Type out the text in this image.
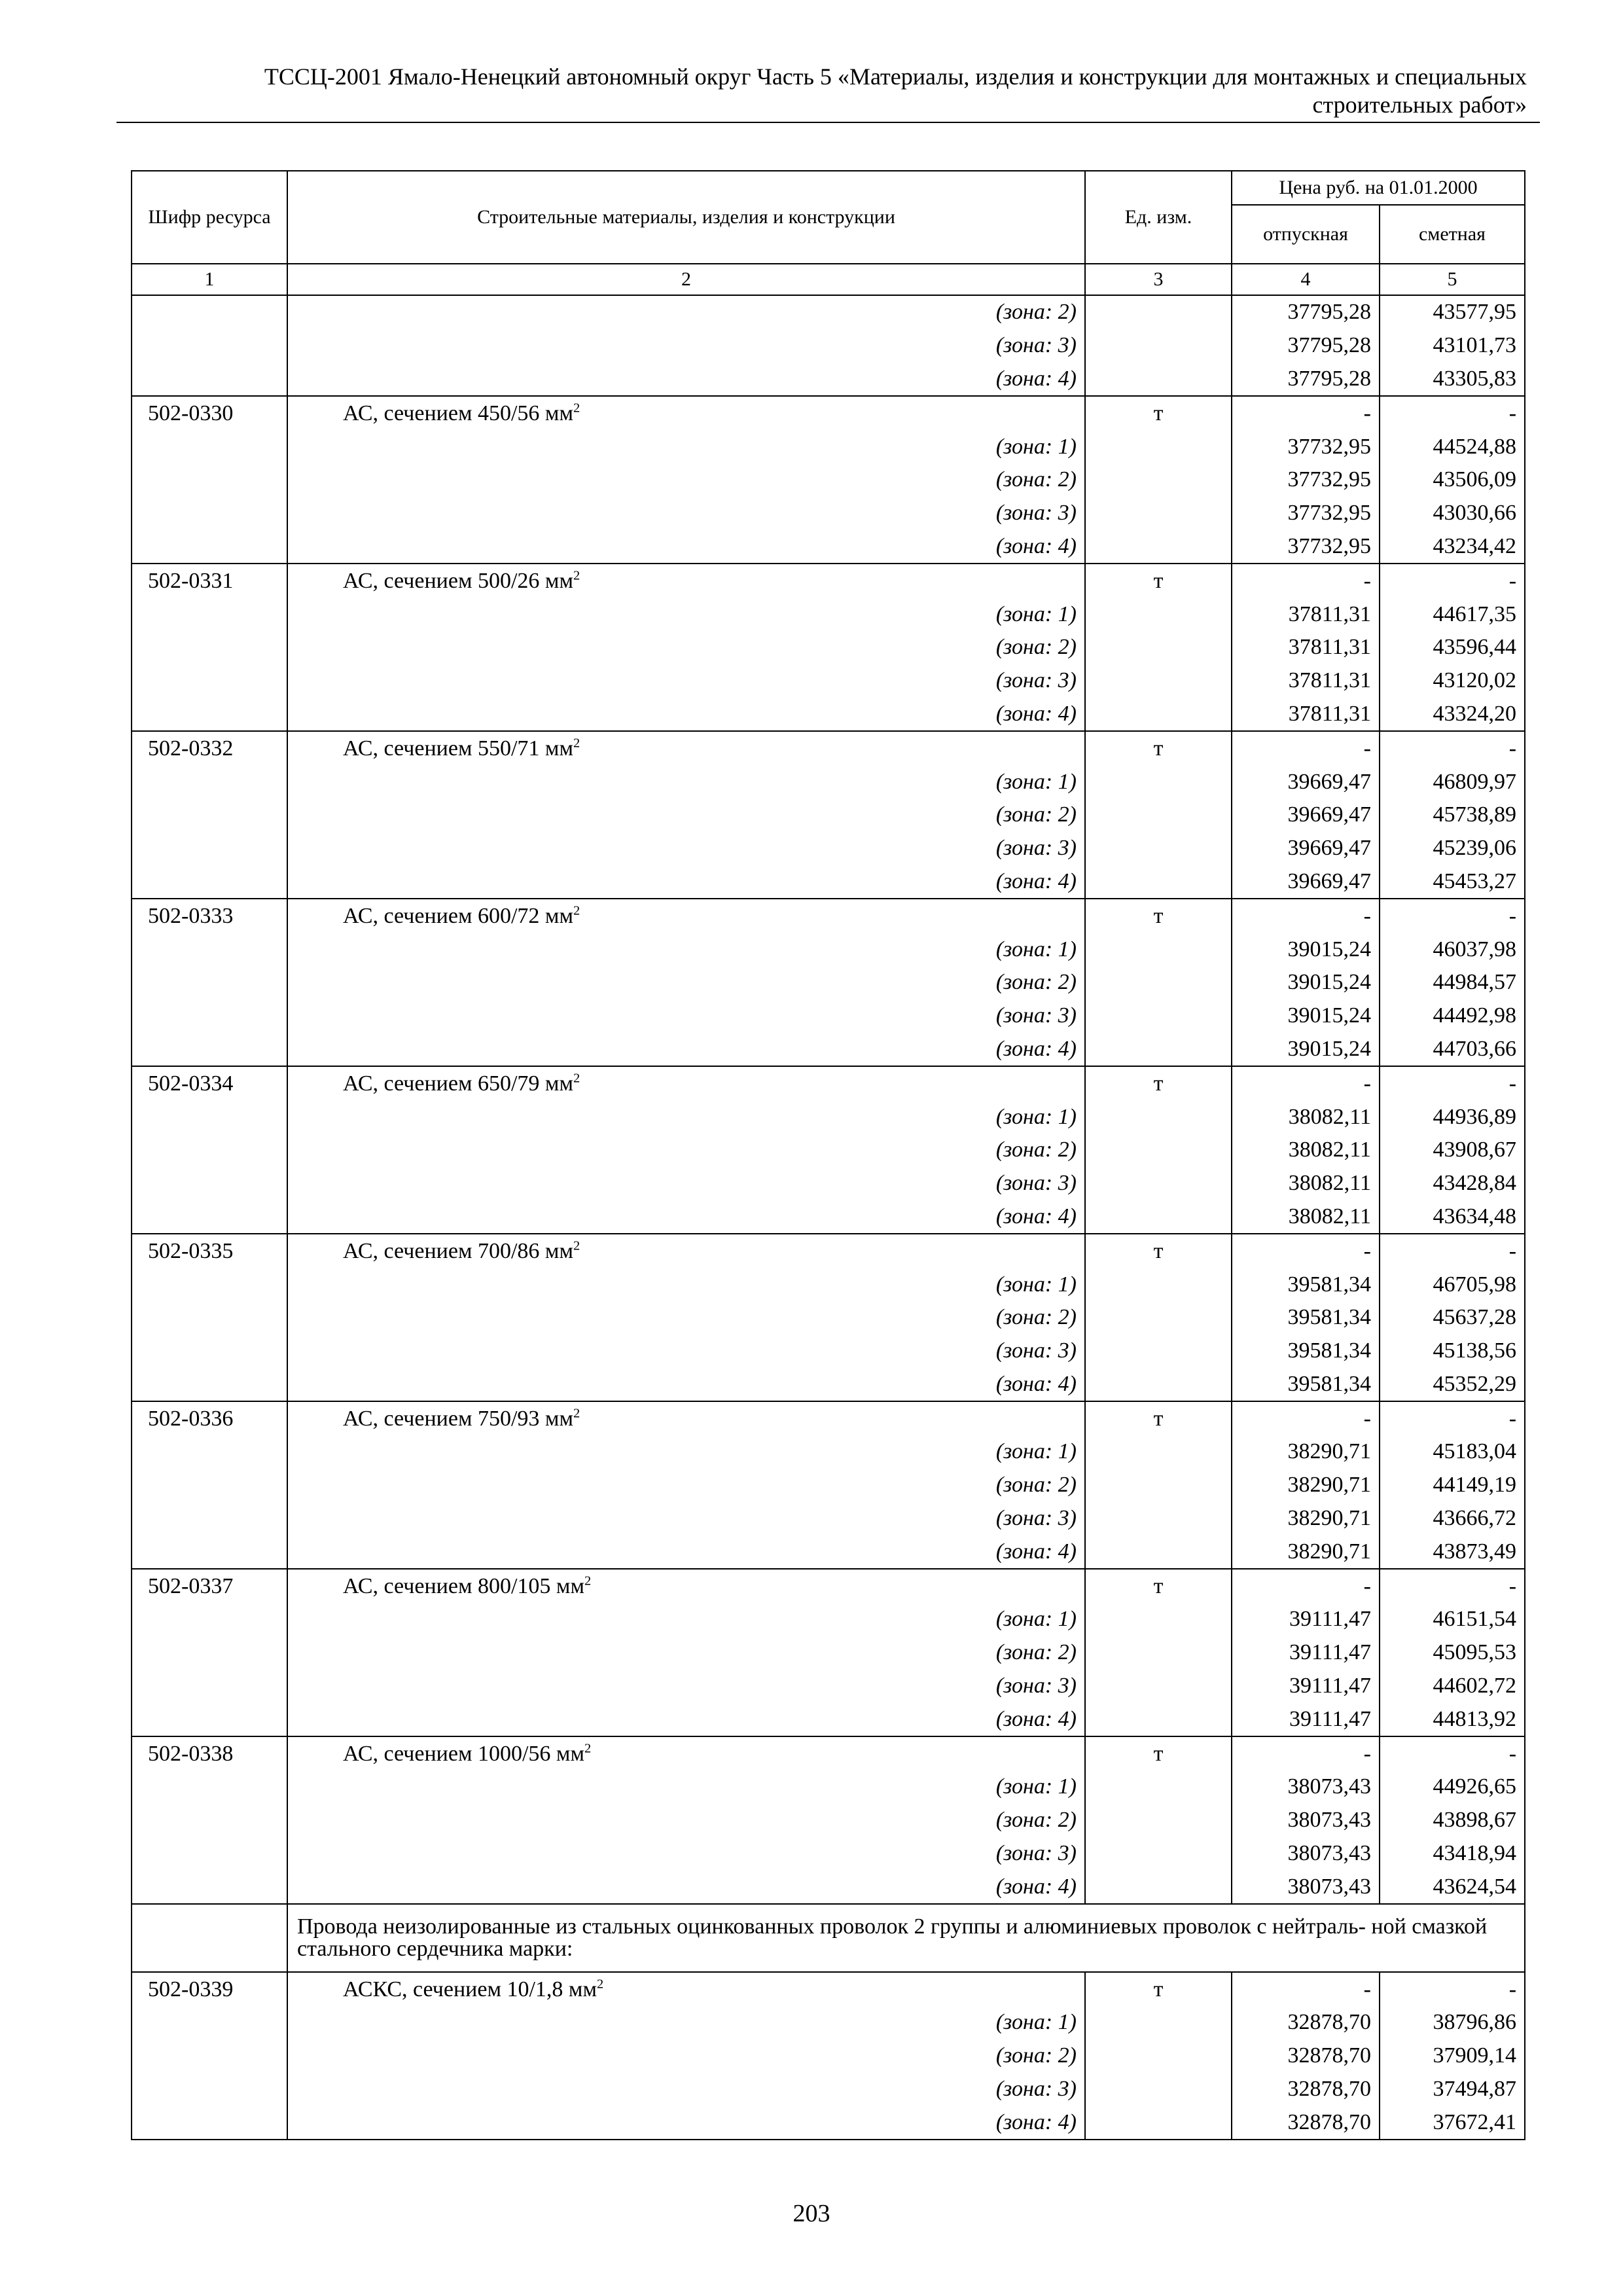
ТССЦ-2001 Ямало-Ненецкий автономный округ Часть 5 «Материалы, изделия и конструкции для монтажных и специальных
строительных работ»
Шифр ресурса	Строительные материалы, изделия и конструкции	Ед. изм.	Цена руб. на 01.01.2000	
			отпускная	сметная
1	2	3	4	5
	(зона: 2)		37795,28	43577,95
	(зона: 3)		37795,28	43101,73
	(зона: 4)		37795,28	43305,83
502-0330	АС, сечением 450/56 $мм^2$	т	-	-
	(зона: 1)		37732,95	44524,88
	(зона: 2)		37732,95	43506,09
	(зона: 3)		37732,95	43030,66
	(зона: 4)		37732,95	43234,42
502-0331	АС, сечением 500/26 $мм^2$	т	-	-
	(зона: 1)		37811,31	44617,35
	(зона: 2)		37811,31	43596,44
	(зона: 3)		37811,31	43120,02
	(зона: 4)		37811,31	43324,20
502-0332	АС, сечением 550/71 $мм^2$	т	-	-
	(зона: 1)		39669,47	46809,97
	(зона: 2)		39669,47	45738,89
	(зона: 3)		39669,47	45239,06
	(зона: 4)		39669,47	45453,27
502-0333	АС, сечением 600/72 $мм^2$	т	-	-
	(зона: 1)		39015,24	46037,98
	(зона: 2)		39015,24	44984,57
	(зона: 3)		39015,24	44492,98
	(зона: 4)		39015,24	44703,66
502-0334	АС, сечением 650/79 $мм^2$	т	-	-
	(зона: 1)		38082,11	44936,89
	(зона: 2)		38082,11	43908,67
	(зона: 3)		38082,11	43428,84
	(зона: 4)		38082,11	43634,48
502-0335	АС, сечением 700/86 $мм^2$	т	-	-
	(зона: 1)		39581,34	46705,98
	(зона: 2)		39581,34	45637,28
	(зона: 3)		39581,34	45138,56
	(зона: 4)		39581,34	45352,29
502-0336	АС, сечением 750/93 $мм^2$	т	-	-
	(зона: 1)		38290,71	45183,04
	(зона: 2)		38290,71	44149,19
	(зона: 3)		38290,71	43666,72
	(зона: 4)		38290,71	43873,49
502-0337	АС, сечением 800/105 $мм^2$	т	-	-
	(зона: 1)		39111,47	46151,54
	(зона: 2)		39111,47	45095,53
	(зона: 3)		39111,47	44602,72
	(зона: 4)		39111,47	44813,92
502-0338	АС, сечением 1000/56 $мм^2$	т	-	-
	(зона: 1)		38073,43	44926,65
	(зона: 2)		38073,43	43898,67
	(зона: 3)		38073,43	43418,94
	(зона: 4)		38073,43	43624,54
	Провода неизолированные из стальных оцинкованных проволок 2 группы и алюминиевых проволок с нейтраль- ной смазкой стального сердечника марки:			
502-0339	АСКС, сечением 10/1,8 $мм^2$	т	-	-
	(зона: 1)		32878,70	38796,86
	(зона: 2)		32878,70	37909,14
	(зона: 3)		32878,70	37494,87
	(зона: 4)		32878,70	37672,41
203
